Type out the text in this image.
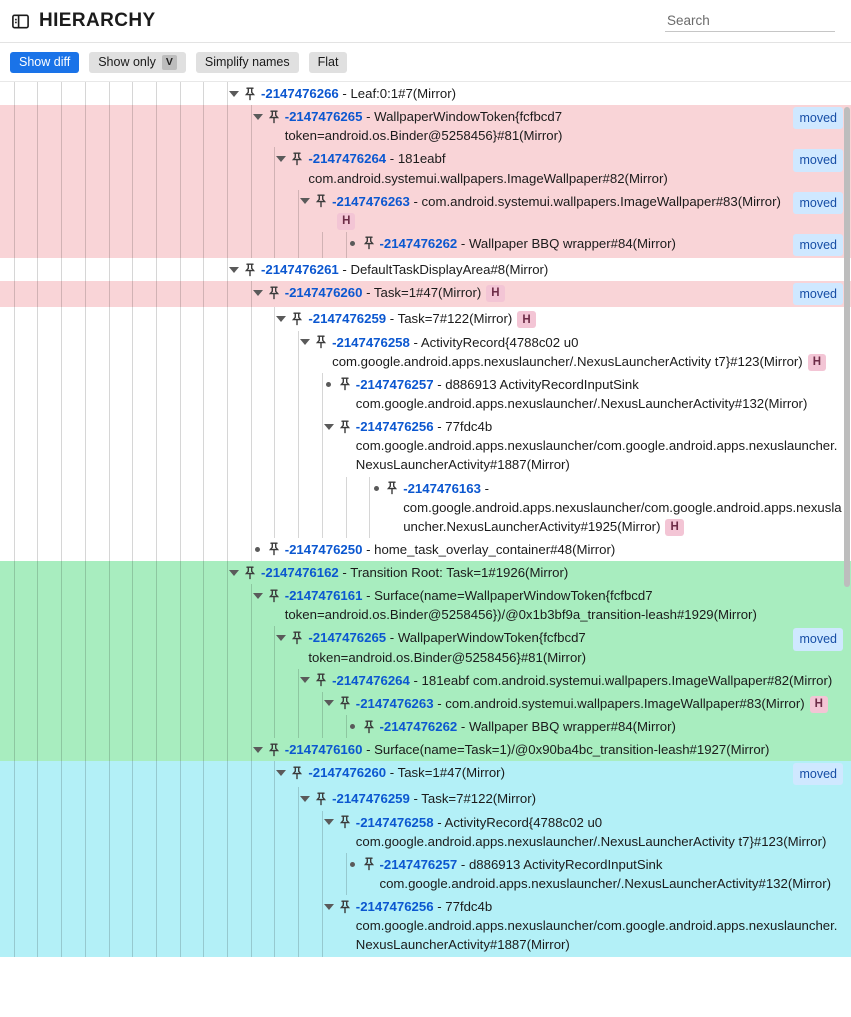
HIERARCHY
Search
Show diff	Show only V	Simplify names	Flat
-2147476266 - Leaf:0:1#7(Mirror)
-2147476265 - WallpaperWindowToken{fcfbcd7 token=android.os.Binder@5258456}#81(Mirror)
moved
-2147476264 - 181eabf com.android.systemui.wallpapers.ImageWallpaper#82(Mirror)
moved
-2147476263 - com.android.systemui.wallpapers.ImageWallpaper#83(Mirror)H
moved
-2147476262 - Wallpaper BBQ wrapper#84(Mirror)	moved
-2147476261 - DefaultTaskDisplayArea#8(Mirror)
-2147476260 - Task=1#47(Mirror) H	moved
-2147476259 - Task=7#122(Mirror) H
-2147476258 - ActivityRecord{4788c02 u0 com.google.android.apps.nexuslauncher/.NexusLauncherActivity t7}#123(Mirror) H
-2147476257 - d886913 ActivityRecordInputSink com.google.android.apps.nexuslauncher/.NexusLauncherActivity#132(Mirror)
-2147476256 - 77fdc4b com.google.android.apps.nexuslauncher/com.google.android.apps.nexuslauncher.NexusLauncherActivity#1887(Mirror)
-2147476163 - com.google.android.apps.nexuslauncher/com.google.android.apps.nexuslauncher.NexusLauncherActivity#1925(Mirror) H
-2147476250 - home_task_overlay_container#48(Mirror)
-2147476162 - Transition Root: Task=1#1926(Mirror)
-2147476161 - Surface(name=WallpaperWindowToken{fcfbcd7 token=android.os.Binder@5258456})/@0x1b3bf9a_transition-leash#1929(Mirror)
-2147476265 - WallpaperWindowToken{fcfbcd7 token=android.os.Binder@5258456}#81(Mirror)
moved
-2147476264 - 181eabf com.android.systemui.wallpapers.ImageWallpaper#82(Mirror)
-2147476263 - com.android.systemui.wallpapers.ImageWallpaper#83(Mirror) H
-2147476262 - Wallpaper BBQ wrapper#84(Mirror)
-2147476160 - Surface(name=Task=1)/@0x90ba4bc_transition-leash#1927(Mirror)
-2147476260 - Task=1#47(Mirror)	moved
-2147476259 - Task=7#122(Mirror)
-2147476258 - ActivityRecord{4788c02 u0 com.google.android.apps.nexuslauncher/.NexusLauncherActivity t7}#123(Mirror)
-2147476257 - d886913 ActivityRecordInputSink com.google.android.apps.nexuslauncher/.NexusLauncherActivity#132(Mirror)
-2147476256 - 77fdc4b com.google.android.apps.nexuslauncher/com.google.android.apps.nexuslauncher.NexusLauncherActivity#1887(Mirror)
